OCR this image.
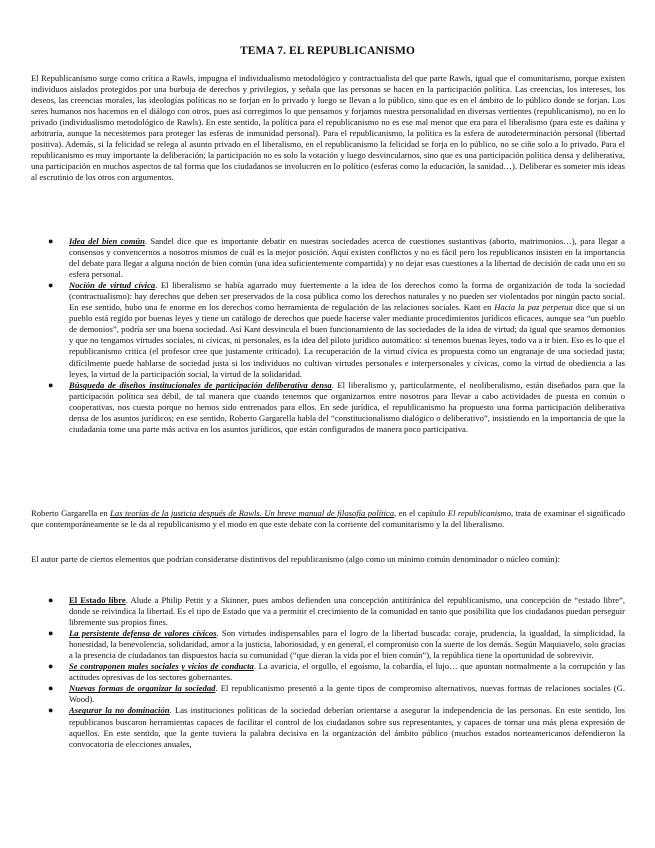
TEMA 7. EL REPUBLICANISMO

El Republicanismo surge como crítica a Rawls, impugna el individualismo metodológico y contractualista del que parte Rawls, igual que el comunitarismo, porque existen individuos aislados protegidos por una burbuja de derechos y privilegios, y señala que las personas se hacen en la participación política. Las creencias, los intereses, los deseos, las creencias morales, las ideologías políticas no se forjan en lo privado y luego se llevan a lo público, sino que es en el ámbito de lo público donde se forjan. Los seres humanos nos hacemos en el diálogo con otros, pues así corregimos lo que pensamos y forjamos nuestra personalidad en diversas vertientes (republicanismo), no en lo privado (individualismo metodológico de Rawls). En este sentido, la política para el republicanismo no es ese mal menor que era para el liberalismo (para este es dañina y arbitraria, aunque la necesitemos para proteger las esferas de inmunidad personal). Para el republicanismo, la política es la esfera de autodeterminación personal (libertad positiva). Además, si la felicidad se relega al asunto privado en el liberalismo, en el republicanismo la felicidad se forja en lo público, no se ciñe solo a lo privado. Para el republicanismo es muy importante la deliberación; la participación no es solo la votación y luego desvincularnos, sino que es una participación política densa y deliberativa, una participación en muchos aspectos de tal forma que los ciudadanos se involucren en lo político (esferas como la educación, la sanidad…). Deliberar es someter mis ideas al escrutinio de los otros con argumentos.

● Idea del bien común. Sandel dice que es importante debatir en nuestras sociedades acerca de cuestiones sustantivas (aborto, matrimonios…), para llegar a consensos y convencernos a nosotros mismos de cuál es la mejor posición. Aquí existen conflictos y no es fácil pero los republicanos insisten en la importancia del debate para llegar a alguna noción de bien común (una idea suficientemente compartida) y no dejar esas cuestiones a la libertad de decisión de cada uno en su esfera personal.
● Noción de virtud cívica. El liberalismo se había agarrado muy fuertemente a la idea de los derechos como la forma de organización de toda la sociedad (contractualismo): hay derechos que deben ser preservados de la cosa pública como los derechos naturales y no pueden ser violentados por ningún pacto social. En ese sentido, hubo una fe enorme en los derechos como herramienta de regulación de las relaciones sociales. Kant en Hacia la paz perpetua dice que si un pueblo está regido por buenas leyes y tiene un catálogo de derechos que puede hacerse valer mediante procedimientos jurídicos eficaces, aunque sea “un pueblo de demonios”, podría ser una buena sociedad. Así Kant desvincula el buen funcionamiento de las sociedades de la idea de virtud; da igual que seamos demonios y que no tengamos virtudes sociales, ni cívicas, ni personales, es la idea del piloto jurídico automático: si tenemos buenas leyes, todo va a ir bien. Eso es lo que el republicanismo critica (el profesor cree que justamente criticado). La recuperación de la virtud cívica es propuesta como un engranaje de una sociedad justa; difícilmente puede hablarse de sociedad justa si los individuos no cultivan virtudes personales e interpersonales y cívicas, como la virtud de obediencia a las leyes, la virtud de la participación social, la virtud de la solidaridad.
● Búsqueda de diseños institucionales de participación deliberativa densa. El liberalismo y, particularmente, el neoliberalismo, están diseñados para que la participación política sea débil, de tal manera que cuando tenemos que organizarnos entre nosotros para llevar a cabo actividades de puesta en común o cooperativas, nos cuesta porque no hemos sido entrenados para ellos. En sede jurídica, el republicanismo ha propuesto una forma participación deliberativa densa de los asuntos jurídicos; en ese sentido, Roberto Gargarella habla del “constitucionalismo dialógico o deliberativo”, insistiendo en la importancia de que la ciudadanía tome una parte más activa en los asuntos jurídicos, que están configurados de manera poco participativa.

Roberto Gargarella en Las teorías de la justicia después de Rawls. Un breve manual de filosofía política, en el capítulo El republicanismo, trata de examinar el significado que contemporáneamente se le da al republicanismo y el modo en que este debate con la corriente del comunitarismo y la del liberalismo.

El autor parte de ciertos elementos que podrían considerarse distintivos del republicanismo (algo como un mínimo común denominador o núcleo común):

● El Estado libre. Alude a Philip Pettit y a Skinner, pues ambos defienden una concepción antitiránica del republicanismo, una concepción de “estado libre”, donde se reivindica la libertad. Es el tipo de Estado que va a permitir el crecimiento de la comunidad en tanto que posibilita que los ciudadanos puedan perseguir libremente sus propios fines.
● La persistente defensa de valores cívicos. Son virtudes indispensables para el logro de la libertad buscada: coraje, prudencia, la igualdad, la simplicidad, la honestidad, la benevolencia, solidaridad, amor a la justicia, laboriosidad, y en general, el compromiso con la suerte de los demás. Según Maquiavelo, solo gracias a la presencia de ciudadanos tan dispuestos hacia su comunidad (“que dieran la vida por el bien común”), la república tiene la oportunidad de sobrevivir.
● Se contraponen males sociales y vicios de conducta. La avaricia, el orgullo, el egoísmo, la cobardía, el lujo… que apuntan normalmente a la corrupción y las actitudes opresivas de los sectores gobernantes.
● Nuevas formas de organizar la sociedad. El republicanismo presentó a la gente tipos de compromiso alternativos, nuevas formas de relaciones sociales (G. Wood).
● Asegurar la no dominación. Las instituciones políticas de la sociedad deberían orientarse a asegurar la independencia de las personas. En este sentido, los republicanos buscaron herramientas capaces de facilitar el control de los ciudadanos sobre sus representantes, y capaces de tornar una más plena expresión de aquellos. En este sentido, que la gente tuviera la palabra decisiva en la organización del ámbito público (muchos estados norteamericanos defendieron la convocatoria de elecciones anuales,
